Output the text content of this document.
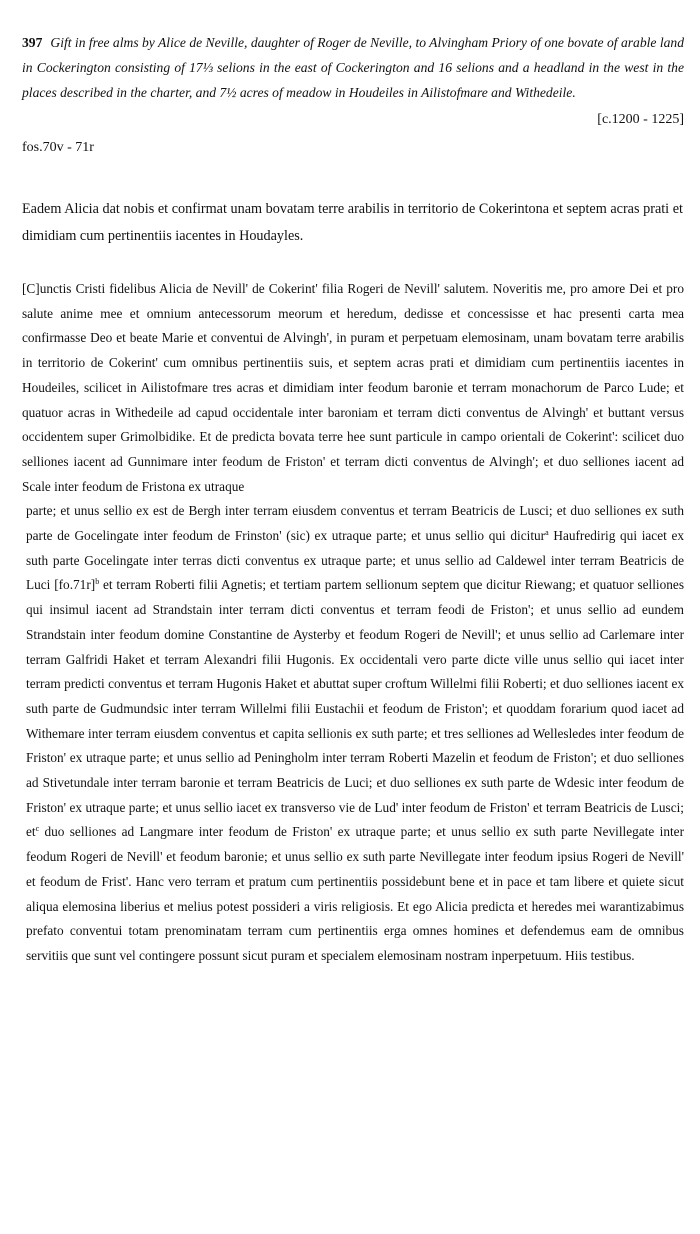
397 Gift in free alms by Alice de Neville, daughter of Roger de Neville, to Alvingham Priory of one bovate of arable land in Cockerington consisting of 17⅓ selions in the east of Cockerington and 16 selions and a headland in the west in the places described in the charter, and 7½ acres of meadow in Houdeiles in Ailistofmare and Withedeile.
[c.1200 - 1225]
fos.70v - 71r
Eadem Alicia dat nobis et confirmat unam bovatam terre arabilis in territorio de Cokerintona et septem acras prati et dimidiam cum pertinentiis iacentes in Houdayles.

[C]unctis Cristi fidelibus Alicia de Nevill' de Cokerint' filia Rogeri de Nevill' salutem. Noveritis me, pro amore Dei et pro salute anime mee et omnium antecessorum meorum et heredum, dedisse et concessisse et hac presenti carta mea confirmasse Deo et beate Marie et conventui de Alvingh', in puram et perpetuam elemosinam, unam bovatam terre arabilis in territorio de Cokerint' cum omnibus pertinentiis suis, et septem acras prati et dimidiam cum pertinentiis iacentes in Houdeiles, scilicet in Ailistofmare tres acras et dimidiam inter feodum baronie et terram monachorum de Parco Lude; et quatuor acras in Withedeile ad capud occidentale inter baroniam et terram dicti conventus de Alvingh' et buttant versus occidentem super Grimolbidike. Et de predicta bovata terre hee sunt particule in campo orientali de Cokerint': scilicet duo selliones iacent ad Gunnimare inter feodum de Friston' et terram dicti conventus de Alvingh'; et duo selliones iacent ad Scale inter feodum de Fristona ex utraque

parte; et unus sellio ex est de Bergh inter terram eiusdem conventus et terram Beatricis de Lusci; et duo selliones ex suth parte de Gocelingate inter feodum de Frinston' (sic) ex utraque parte; et unus sellio qui dicitur$^a$ Haufredirig qui iacet ex suth parte Gocelingate inter terras dicti conventus ex utraque parte; et unus sellio ad Caldewel inter terram Beatricis de Luci $[fo.71r]^b$ et terram Roberti filii Agnetis; et tertiam partem sellionum septem que dicitur Riewang; et quatuor selliones qui insimul iacent ad Strandstain inter terram dicti conventus et terram feodi de Friston'; et unus sellio ad eundem Strandstain inter feodum domine Constantine de Aysterby et feodum Rogeri de Nevill'; et unus sellio ad Carlemare inter terram Galfridi Haket et terram Alexandri filii Hugonis. Ex occidentali vero parte dicte ville unus sellio qui iacet inter terram predicti conventus et terram Hugonis Haket et abuttat super croftum Willelmi filii Roberti; et duo selliones iacent ex suth parte de Gudmundsic inter terram Willelmi filii Eustachii et feodum de Friston'; et quoddam forarium quod iacet ad Withemare inter terram eiusdem conventus et capita sellionis ex suth parte; et tres selliones ad Wellesledes inter feodum de Friston' ex utraque parte; et unus sellio ad Peningholm inter terram Roberti Mazelin et feodum de Friston'; et duo selliones ad Stivetundale inter terram baronie et terram Beatricis de Luci; et duo selliones ex suth parte de Wdesic inter feodum de Friston' ex utraque parte; et unus sellio iacet ex transverso vie de Lud' inter feodum de Friston' et terram Beatricis de Lusci; $et^c$ duo selliones ad Langmare inter feodum de Friston' ex utraque parte; et unus sellio ex suth parte Nevillegate inter feodum Rogeri de Nevill' et feodum baronie; et unus sellio ex suth parte Nevillegate inter feodum ipsius Rogeri de Nevill' et feodum de Frist'. Hanc vero terram et pratum cum pertinentiis possidebunt bene et in pace et tam libere et quiete sicut aliqua elemosina liberius et melius potest possideri a viris religiosis. Et ego Alicia predicta et heredes mei warantizabimus prefato conventui totam prenominatam terram cum pertinentiis erga omnes homines et defendemus eam de omnibus servitiis que sunt vel contingere possunt sicut puram et specialem elemosinam nostram inperpetuum. Hiis testibus.
